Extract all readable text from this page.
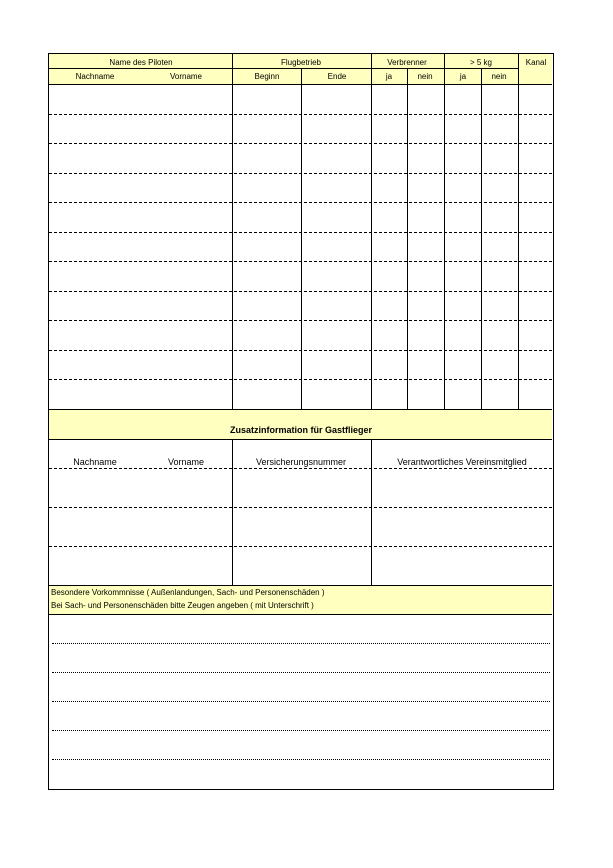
Name des Piloten	Flugbetrieb	Verbrenner	> 5 kg	Kanal
Nachname	Vorname	Beginn	Ende	ja	nein	ja	nein
Zusatzinformation für Gastflieger
Nachname	Vorname	Versicherungsnummer	Verantwortliches Vereinsmitglied
Besondere Vorkommnisse ( Außenlandungen, Sach- und Personenschäden )
Bei Sach- und Personenschäden bitte Zeugen angeben ( mit Unterschrift )
